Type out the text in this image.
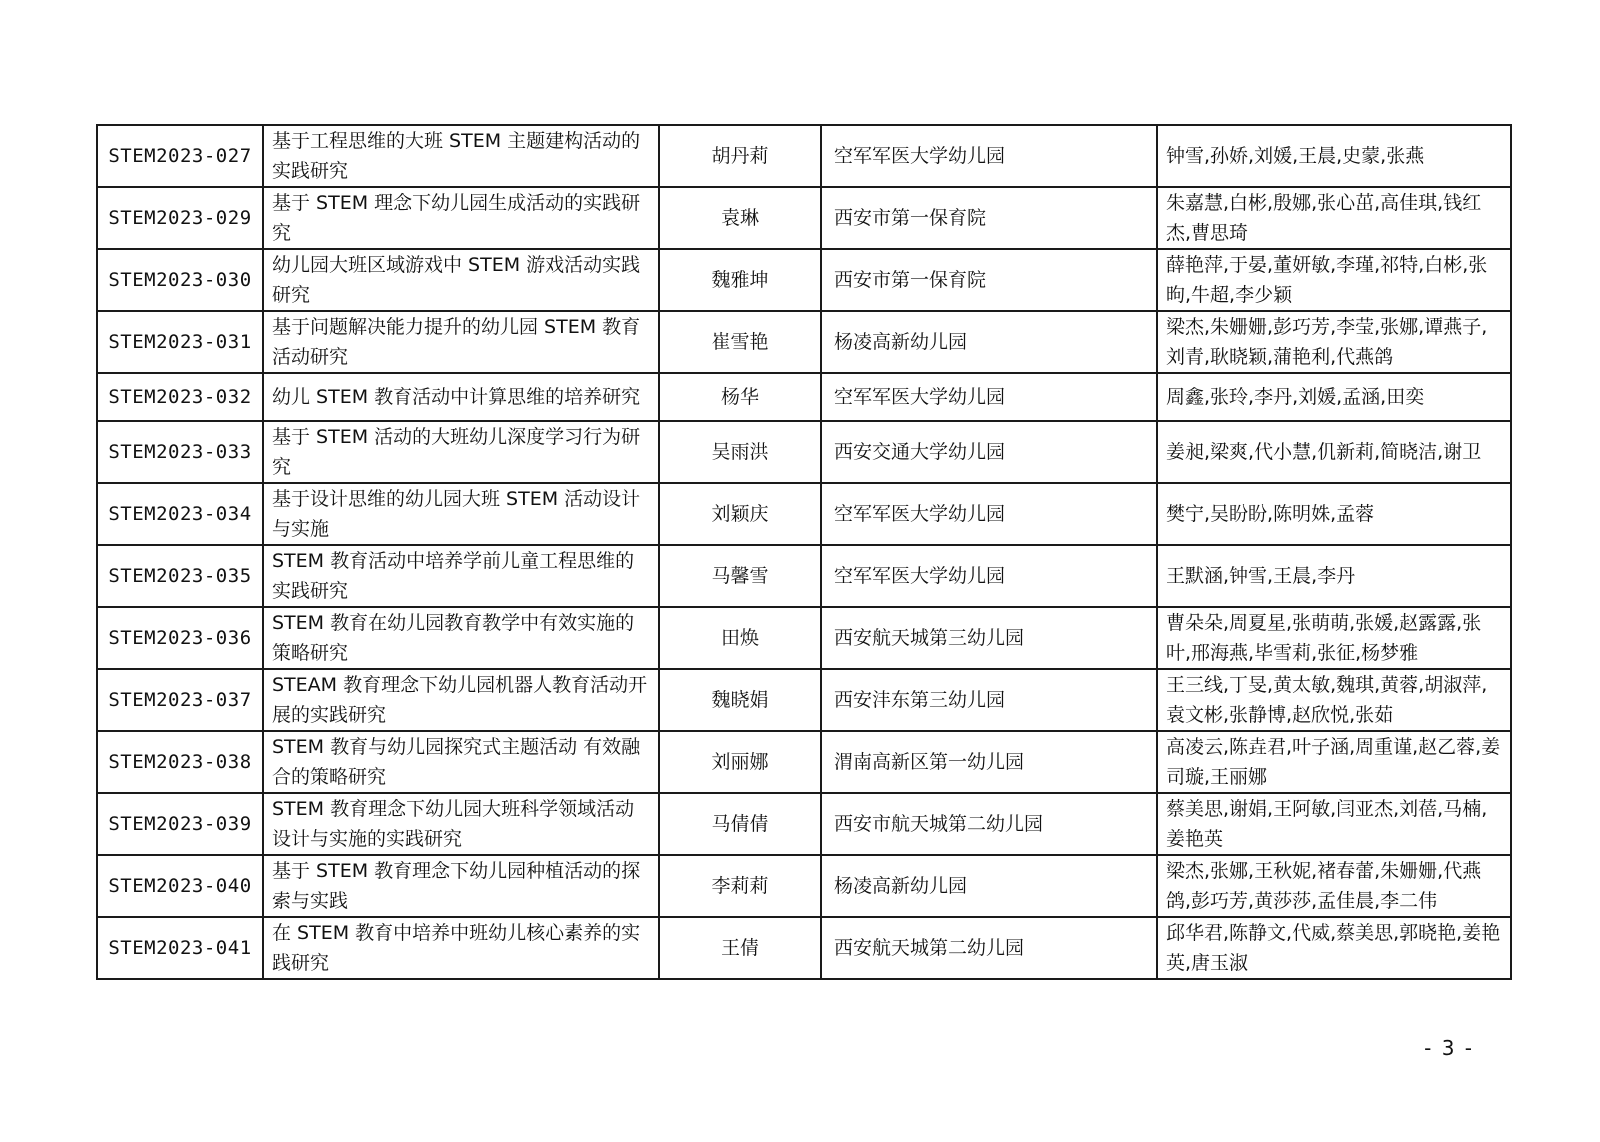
STEM2023-027	基于工程思维的大班 STEM 主题建构活动的实践研究	胡丹莉	空军军医大学幼儿园	钟雪,孙娇,刘媛,王晨,史蒙,张燕
STEM2023-029	基于 STEM 理念下幼儿园生成活动的实践研究	袁琳	西安市第一保育院	朱嘉慧,白彬,殷娜,张心茁,高佳琪,钱红杰,曹思琦
STEM2023-030	幼儿园大班区域游戏中 STEM 游戏活动实践研究	魏雅坤	西安市第一保育院	薛艳萍,于晏,董妍敏,李瑾,祁特,白彬,张昫,牛超,李少颖
STEM2023-031	基于问题解决能力提升的幼儿园 STEM 教育活动研究	崔雪艳	杨凌高新幼儿园	梁杰,朱姗姗,彭巧芳,李莹,张娜,谭燕子,刘青,耿晓颖,蒲艳利,代燕鸽
STEM2023-032	幼儿 STEM 教育活动中计算思维的培养研究	杨华	空军军医大学幼儿园	周鑫,张玲,李丹,刘媛,孟涵,田奕
STEM2023-033	基于 STEM 活动的大班幼儿深度学习行为研究	吴雨洪	西安交通大学幼儿园	姜昶,梁爽,代小慧,仉新莉,简晓洁,谢卫
STEM2023-034	基于设计思维的幼儿园大班 STEM 活动设计与实施	刘颖庆	空军军医大学幼儿园	樊宁,吴盼盼,陈明姝,孟蓉
STEM2023-035	STEM 教育活动中培养学前儿童工程思维的实践研究	马馨雪	空军军医大学幼儿园	王默涵,钟雪,王晨,李丹
STEM2023-036	STEM 教育在幼儿园教育教学中有效实施的策略研究	田焕	西安航天城第三幼儿园	曹朵朵,周夏星,张萌萌,张媛,赵露露,张叶,邢海燕,毕雪莉,张征,杨梦雅
STEM2023-037	STEAM 教育理念下幼儿园机器人教育活动开展的实践研究	魏晓娟	西安沣东第三幼儿园	王三线,丁旻,黄太敏,魏琪,黄蓉,胡淑萍,袁文彬,张静博,赵欣悦,张茹
STEM2023-038	STEM 教育与幼儿园探究式主题活动 有效融合的策略研究	刘丽娜	渭南高新区第一幼儿园	高凌云,陈垚君,叶子涵,周重谨,赵乙蓉,姜司璇,王丽娜
STEM2023-039	STEM 教育理念下幼儿园大班科学领域活动设计与实施的实践研究	马倩倩	西安市航天城第二幼儿园	蔡美思,谢娟,王阿敏,闫亚杰,刘蓓,马楠,姜艳英
STEM2023-040	基于 STEM 教育理念下幼儿园种植活动的探索与实践	李莉莉	杨凌高新幼儿园	梁杰,张娜,王秋妮,褚春蕾,朱姗姗,代燕鸽,彭巧芳,黄莎莎,孟佳晨,李二伟
STEM2023-041	在 STEM 教育中培养中班幼儿核心素养的实践研究	王倩	西安航天城第二幼儿园	邱华君,陈静文,代威,蔡美思,郭晓艳,姜艳英,唐玉淑
- 3 -
